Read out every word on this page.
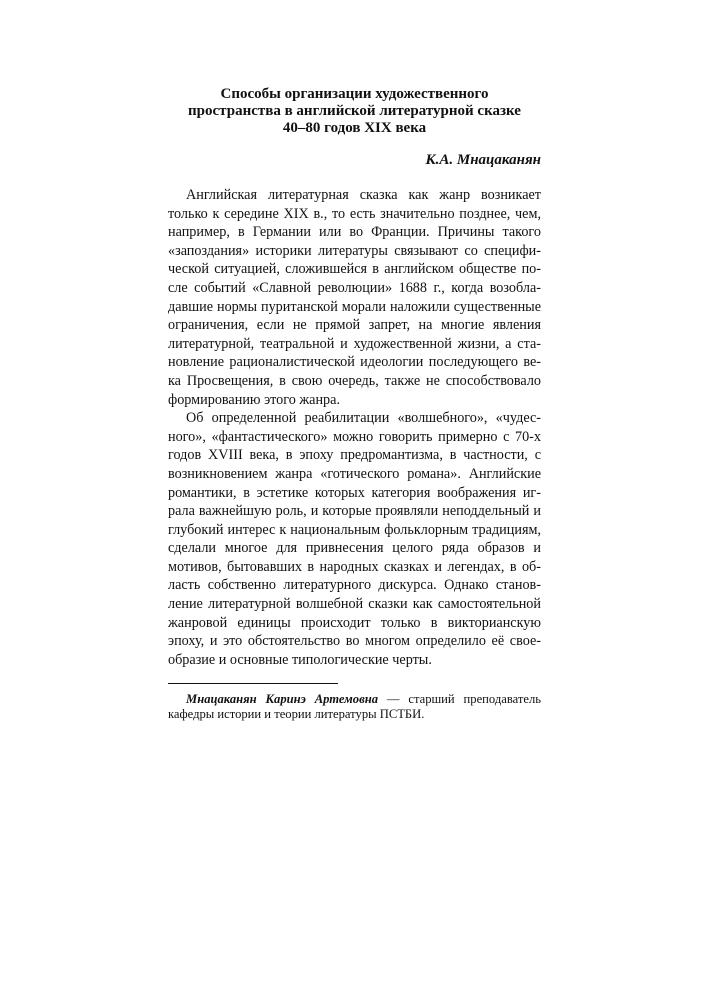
Способы организации художественного
пространства в английской литературной сказке
40–80 годов XIX века
К.А. Мнацаканян

Английская литературная сказка как жанр возникает только к середине XIX в., то есть значительно позднее, чем, например, в Германии или во Франции. Причины такого «запоздания» историки литературы связывают со специфической ситуацией, сложившейся в английском обществе после событий «Славной революции» 1688 г., когда возобладавшие нормы пуританской морали наложили существенные ограничения, если не прямой запрет, на многие явления литературной, театральной и художественной жизни, а становление рационалистической идеологии последующего века Просвещения, в свою очередь, также не способствовало формированию этого жанра.

Об определенной реабилитации «волшебного», «чудесного», «фантастического» можно говорить примерно с 70-х годов XVIII века, в эпоху предромантизма, в частности, с возникновением жанра «готического романа». Английские романтики, в эстетике которых категория воображения играла важнейшую роль, и которые проявляли неподдельный и глубокий интерес к национальным фольклорным традициям, сделали многое для привнесения целого ряда образов и мотивов, бытовавших в народных сказках и легендах, в область собственно литературного дискурса. Однако становление литературной волшебной сказки как самостоятельной жанровой единицы происходит только в викторианскую эпоху, и это обстоятельство во многом определило её своеобразие и основные типологические черты.

Мнацаканян Каринэ Артемовна — старший преподаватель кафедры истории и теории литературы ПСТБИ.
